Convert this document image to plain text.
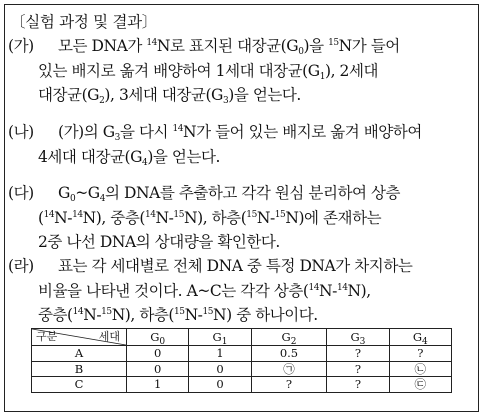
〔실험 과정 및 결과〕
(가)	모든 DNA가 $^{14}$N로 표지된 대장균$(G_0)$을 $^{15}$N가 들어
있는 배지로 옮겨 배양하여 1세대 대장균$(G_1)$, 2세대
대장균$(G_2)$, 3세대 대장균$(G_3)$을 얻는다.
(나)	(가)의 $G_3$을 다시 $^{14}$N가 들어 있는 배지로 옮겨 배양하여
4세대 대장균$(G_4)$을 얻는다.
(다)	$G_0\sim G_4$의 DNA를 추출하고 각각 원심 분리하여 상층
($^{14}$N-$^{14}$N), 중층($^{14}$N-$^{15}$N), 하층($^{15}$N-$^{15}$N)에 존재하는
2중 나선 DNA의 상대량을 확인한다.
(라)	표는 각 세대별로 전체 DNA 중 특정 DNA가 차지하는
비율을 나타낸 것이다. A~C는 각각 상층($^{14}$N-$^{14}$N),
중층($^{14}$N-$^{15}$N), 하층($^{15}$N-$^{15}$N) 중 하나이다.
구분 세대	$G_0$	$G_1$	$G_2$	$G_3$	$G_4$
A	0	1	0.5	?	?
B	0	0	㉠	?	㉡
C	1	0	?	?	㉢
